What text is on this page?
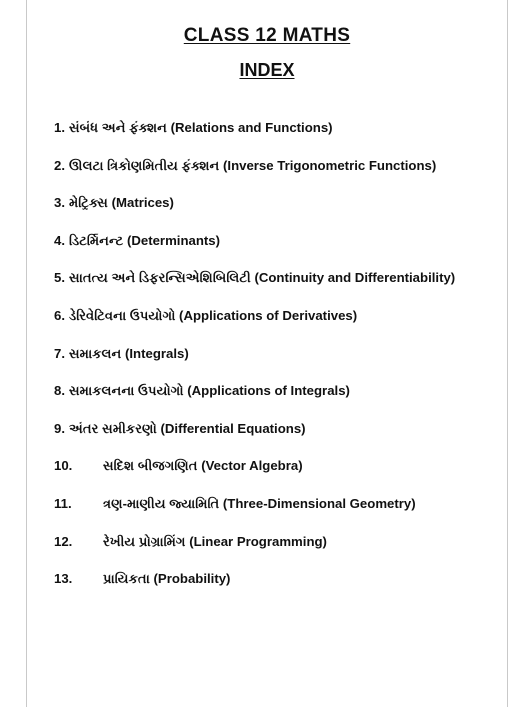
CLASS 12 MATHS
INDEX
1. સંબંધ અને ફંક્શન (Relations and Functions)
2. ઊલટા ત્રિકોણમિતીય ફંક્શન (Inverse Trigonometric Functions)
3. મેટ્રિક્સ (Matrices)
4. ડિટર્મિનન્ટ (Determinants)
5. સાતત્ય અને ડિફરન્સિએશિબિલિટી (Continuity and Differentiability)
6. ડેરિવેટિવના ઉપયોગો (Applications of Derivatives)
7. સમાકલન (Integrals)
8. સમાકલનના ઉપયોગો (Applications of Integrals)
9. અંતર સમીકરણો (Differential Equations)
10.	સદિશ બીજગણિત (Vector Algebra)
11.	ત્રણ-માણીય જ્યામિતિ (Three-Dimensional Geometry)
12.	રેખીય પ્રોગ્રામિંગ (Linear Programming)
13.	પ્રાયિકતા (Probability)
